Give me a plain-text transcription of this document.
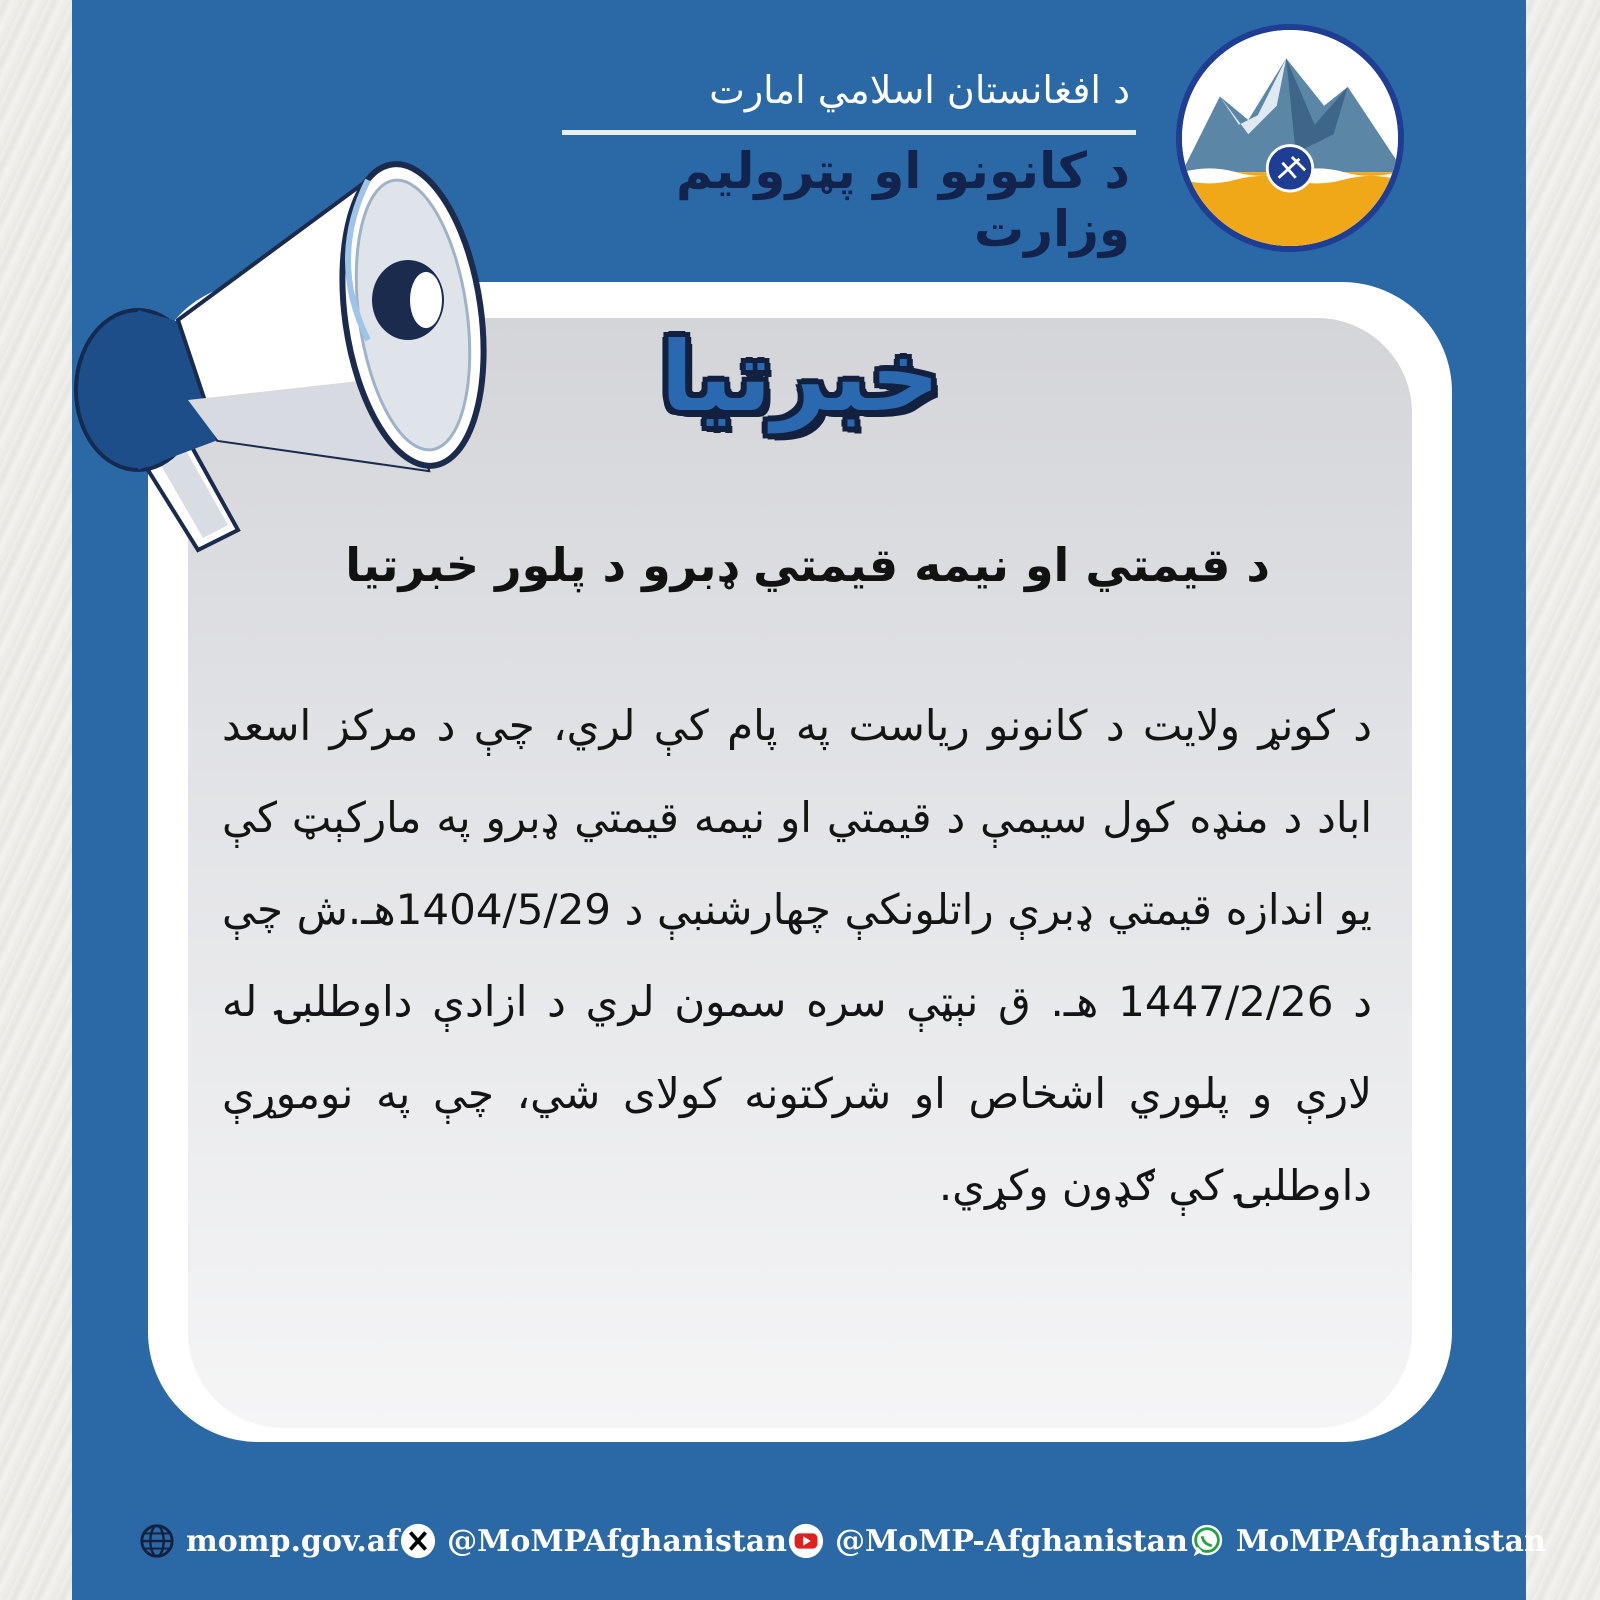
د افغانستان اسلامي امارت
د کانونو او پټرولیم وزارت
خبرتیا
د قیمتي او نیمه قیمتي ډبرو د پلور خبرتیا
د کونړ ولایت د کانونو ریاست په پام کې لري، چې د مرکز اسعد اباد د منډه کول سیمې د قیمتي او نیمه قیمتي ډبرو په مارکېټ کې یو اندازه قیمتي ډبرې راتلونکې چهارشنبې د 1404/5/29هـ.ش چې د 1447/2/26 هـ. ق نېټې سره سمون لري د ازادې داوطلبۍ له لارې و پلوري اشخاص او شرکتونه کولای شي، چې په نوموړې داوطلبۍ کې ګډون وکړي.
momp.gov.af @MoMPAfghanistan @MoMP-Afghanistan MoMPAfghanistan
